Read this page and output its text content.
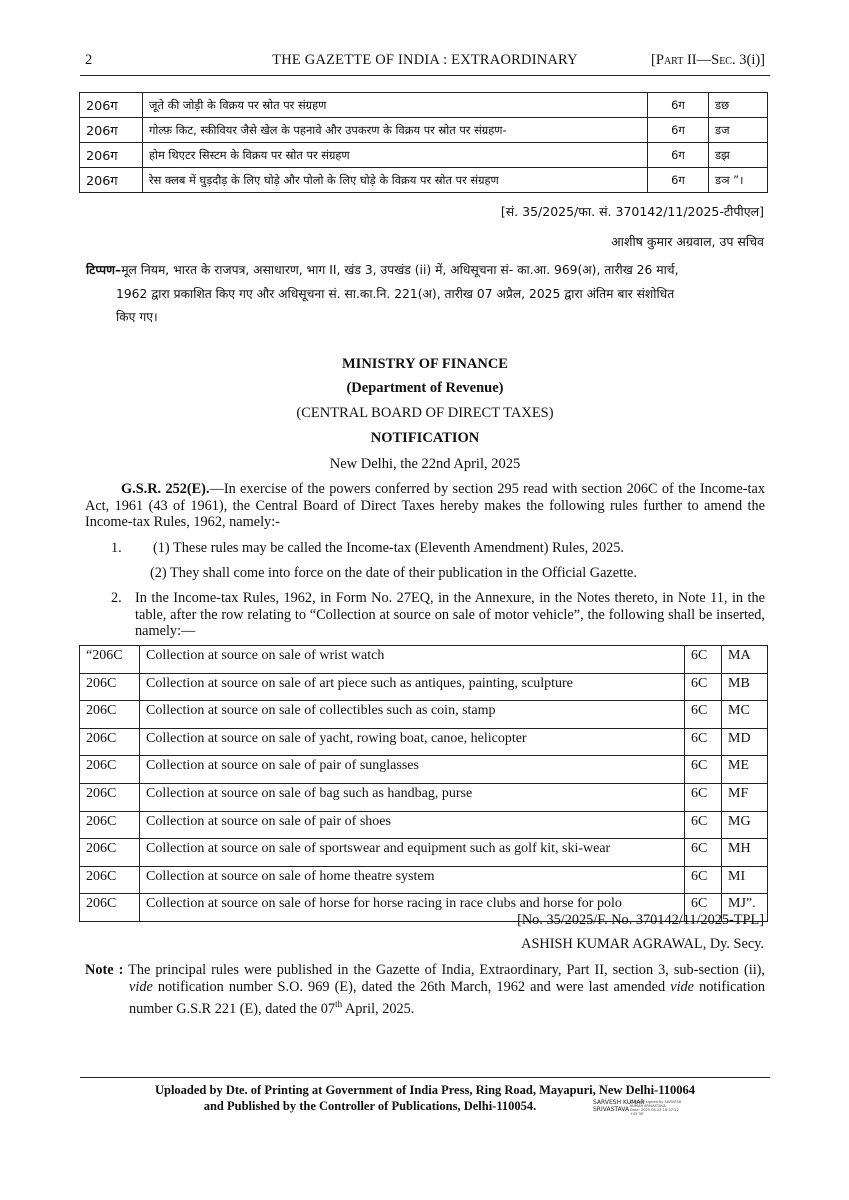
2	THE GAZETTE OF INDIA : EXTRAORDINARY	[Part II—Sec. 3(i)]
206ग	जूते की जोड़ी के विक्रय पर स्रोत पर संग्रहण	6ग	डछ
206ग	गोल्फ़ किट, स्कीवियर जैसे खेल के पहनावे और उपकरण के विक्रय पर स्रोत पर संग्रहण-	6ग	डज
206ग	होम थिएटर सिस्टम के विक्रय पर स्रोत पर संग्रहण	6ग	डझ
206ग	रेस क्लब में घुड़दौड़ के लिए घोड़े और पोलो के लिए घोड़े के विक्रय पर स्रोत पर संग्रहण	6ग	डञ ”।
[सं. 35/2025/फा. सं. 370142/11/2025-टीपीएल]
आशीष कुमार अग्रवाल, उप सचिव
टिप्पण–मूल नियम, भारत के राजपत्र, असाधारण, भाग II, खंड 3, उपखंड (ii) में, अधिसूचना सं- का.आ. 969(अ), तारीख 26 मार्च,
1962 द्वारा प्रकाशित किए गए और अधिसूचना सं. सा.का.नि. 221(अ), तारीख 07 अप्रैल, 2025 द्वारा अंतिम बार संशोधित
किए गए।
MINISTRY OF FINANCE
(Department of Revenue)
(CENTRAL BOARD OF DIRECT TAXES)
NOTIFICATION
New Delhi, the 22nd April, 2025
G.S.R. 252(E).—In exercise of the powers conferred by section 295 read with section 206C of the Income-tax Act, 1961 (43 of 1961), the Central Board of Direct Taxes hereby makes the following rules further to amend the Income-tax Rules, 1962, namely:-
1. (1) These rules may be called the Income-tax (Eleventh Amendment) Rules, 2025.
(2) They shall come into force on the date of their publication in the Official Gazette.
2. In the Income-tax Rules, 1962, in Form No. 27EQ, in the Annexure, in the Notes thereto, in Note 11, in the table, after the row relating to “Collection at source on sale of motor vehicle”, the following shall be inserted, namely:—
“206C	Collection at source on sale of wrist watch	6C	MA
206C	Collection at source on sale of art piece such as antiques, painting, sculpture	6C	MB
206C	Collection at source on sale of collectibles such as coin, stamp	6C	MC
206C	Collection at source on sale of yacht, rowing boat, canoe, helicopter	6C	MD
206C	Collection at source on sale of pair of sunglasses	6C	ME
206C	Collection at source on sale of bag such as handbag, purse	6C	MF
206C	Collection at source on sale of pair of shoes	6C	MG
206C	Collection at source on sale of sportswear and equipment such as golf kit, ski-wear	6C	MH
206C	Collection at source on sale of home theatre system	6C	MI
206C	Collection at source on sale of horse for horse racing in race clubs and horse for polo	6C	MJ”.
[No. 35/2025/F. No. 370142/11/2025-TPL]
ASHISH KUMAR AGRAWAL, Dy. Secy.
Note : The principal rules were published in the Gazette of India, Extraordinary, Part II, section 3, sub-section (ii), vide notification number S.O. 969 (E), dated the 26th March, 1962 and were last amended vide notification number G.S.R 221 (E), dated the 07th April, 2025.
Uploaded by Dte. of Printing at Government of India Press, Ring Road, Mayapuri, New Delhi-110064
and Published by the Controller of Publications, Delhi-110054.	SARVESH KUMAR
SRIVASTAVA
Digitally signed by SARVESH
KUMAR SRIVASTAVA
Date: 2025.04.23 18:37:22 +05'30'
